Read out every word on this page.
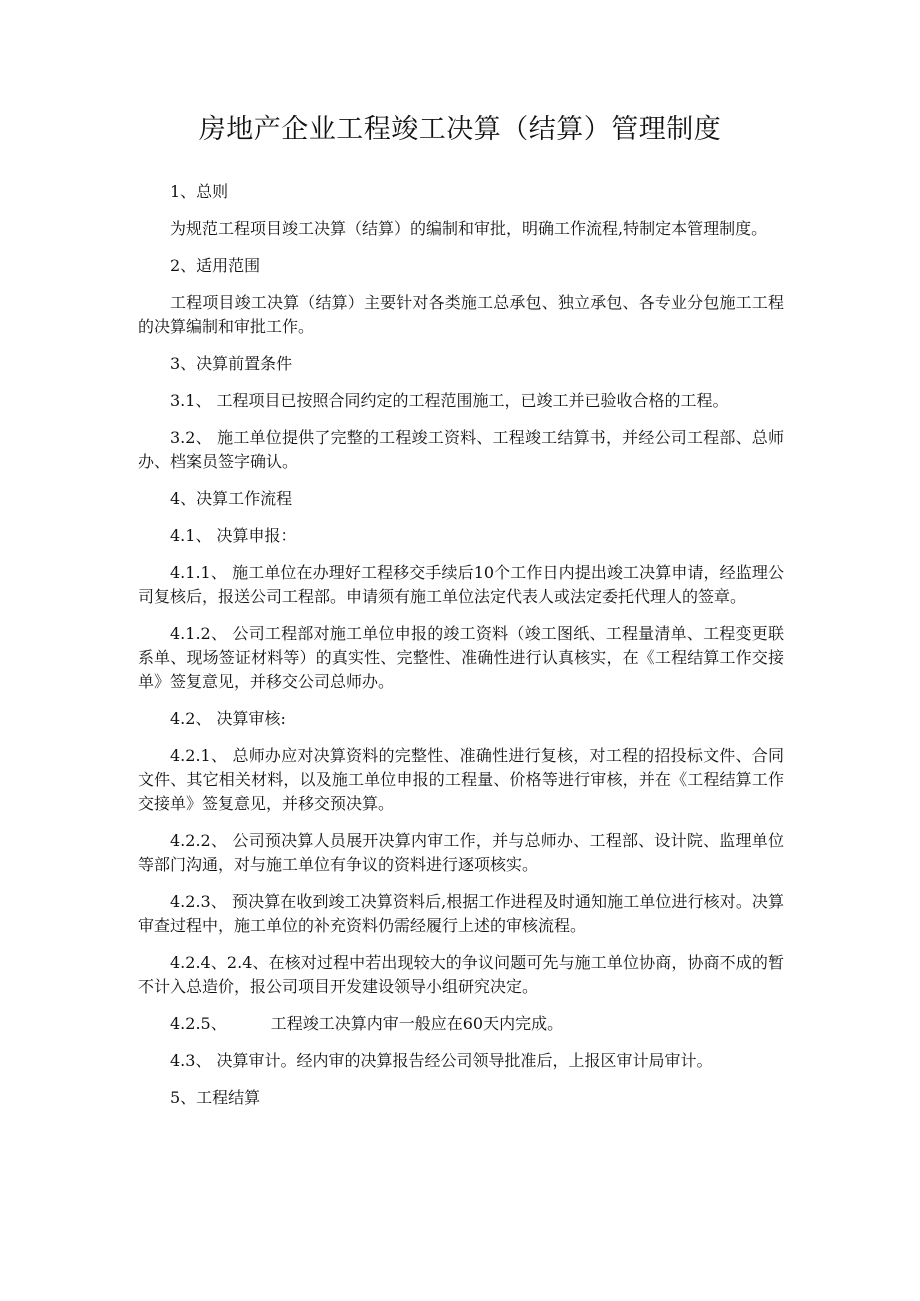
房地产企业工程竣工决算（结算）管理制度

1、总则

为规范工程项目竣工决算（结算）的编制和审批，明确工作流程,特制定本管理制度。

2、适用范围

工程项目竣工决算（结算）主要针对各类施工总承包、独立承包、各专业分包施工工程的决算编制和审批工作。

3、决算前置条件

3.1、 工程项目已按照合同约定的工程范围施工，已竣工并已验收合格的工程。

3.2、 施工单位提供了完整的工程竣工资料、工程竣工结算书，并经公司工程部、总师办、档案员签字确认。

4、决算工作流程

4.1、 决算申报：

4.1.1、 施工单位在办理好工程移交手续后10个工作日内提出竣工决算申请，经监理公司复核后，报送公司工程部。申请须有施工单位法定代表人或法定委托代理人的签章。

4.1.2、 公司工程部对施工单位申报的竣工资料（竣工图纸、工程量清单、工程变更联系单、现场签证材料等）的真实性、完整性、准确性进行认真核实，在《工程结算工作交接单》签复意见，并移交公司总师办。

4.2、 决算审核:

4.2.1、 总师办应对决算资料的完整性、准确性进行复核，对工程的招投标文件、合同文件、其它相关材料，以及施工单位申报的工程量、价格等进行审核，并在《工程结算工作交接单》签复意见，并移交预决算。

4.2.2、 公司预决算人员展开决算内审工作，并与总师办、工程部、设计院、监理单位等部门沟通，对与施工单位有争议的资料进行逐项核实。

4.2.3、 预决算在收到竣工决算资料后,根据工作进程及时通知施工单位进行核对。决算审查过程中，施工单位的补充资料仍需经履行上述的审核流程。

4.2.4、2.4、在核对过程中若出现较大的争议问题可先与施工单位协商，协商不成的暂不计入总造价，报公司项目开发建设领导小组研究决定。

4.2.5、	工程竣工决算内审一般应在60天内完成。

4.3、 决算审计。经内审的决算报告经公司领导批准后，上报区审计局审计。

5、工程结算
